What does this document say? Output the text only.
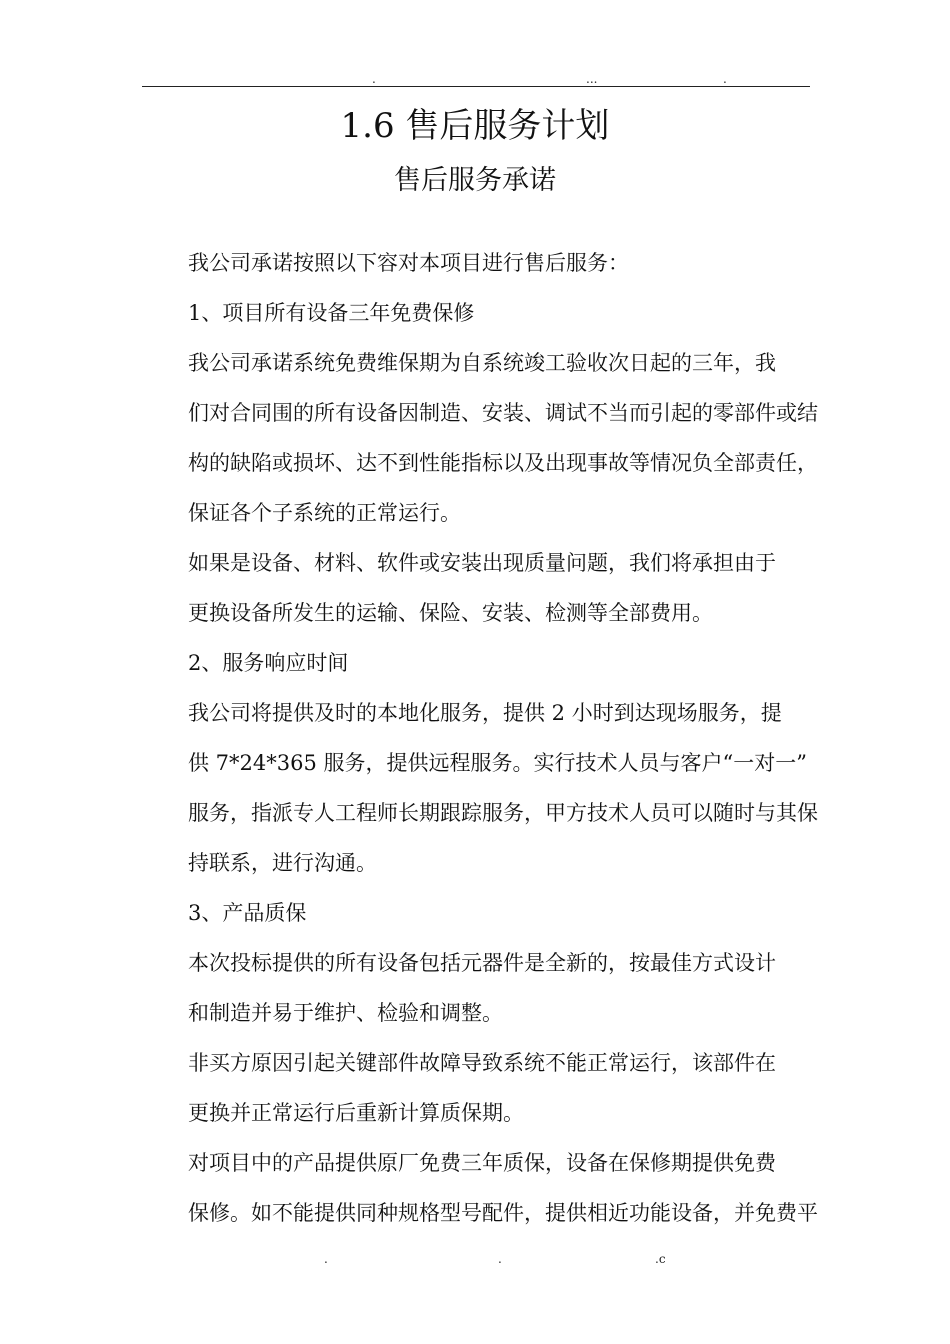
.	...	.
1.6 售后服务计划
售后服务承诺

我公司承诺按照以下容对本项目进行售后服务：

1、项目所有设备三年免费保修

我公司承诺系统免费维保期为自系统竣工验收次日起的三年，我
们对合同围的所有设备因制造、安装、调试不当而引起的零部件或结
构的缺陷或损坏、达不到性能指标以及出现事故等情况负全部责任，
保证各个子系统的正常运行。

如果是设备、材料、软件或安装出现质量问题，我们将承担由于
更换设备所发生的运输、保险、安装、检测等全部费用。

2、服务响应时间

我公司将提供及时的本地化服务，提供 2 小时到达现场服务，提
供 7*24*365 服务，提供远程服务。实行技术人员与客户“一对一”
服务，指派专人工程师长期跟踪服务，甲方技术人员可以随时与其保
持联系，进行沟通。

3、产品质保

本次投标提供的所有设备包括元器件是全新的，按最佳方式设计
和制造并易于维护、检验和调整。

非买方原因引起关键部件故障导致系统不能正常运行，该部件在
更换并正常运行后重新计算质保期。

对项目中的产品提供原厂免费三年质保，设备在保修期提供免费
保修。如不能提供同种规格型号配件，提供相近功能设备，并免费平

.	.	.c
